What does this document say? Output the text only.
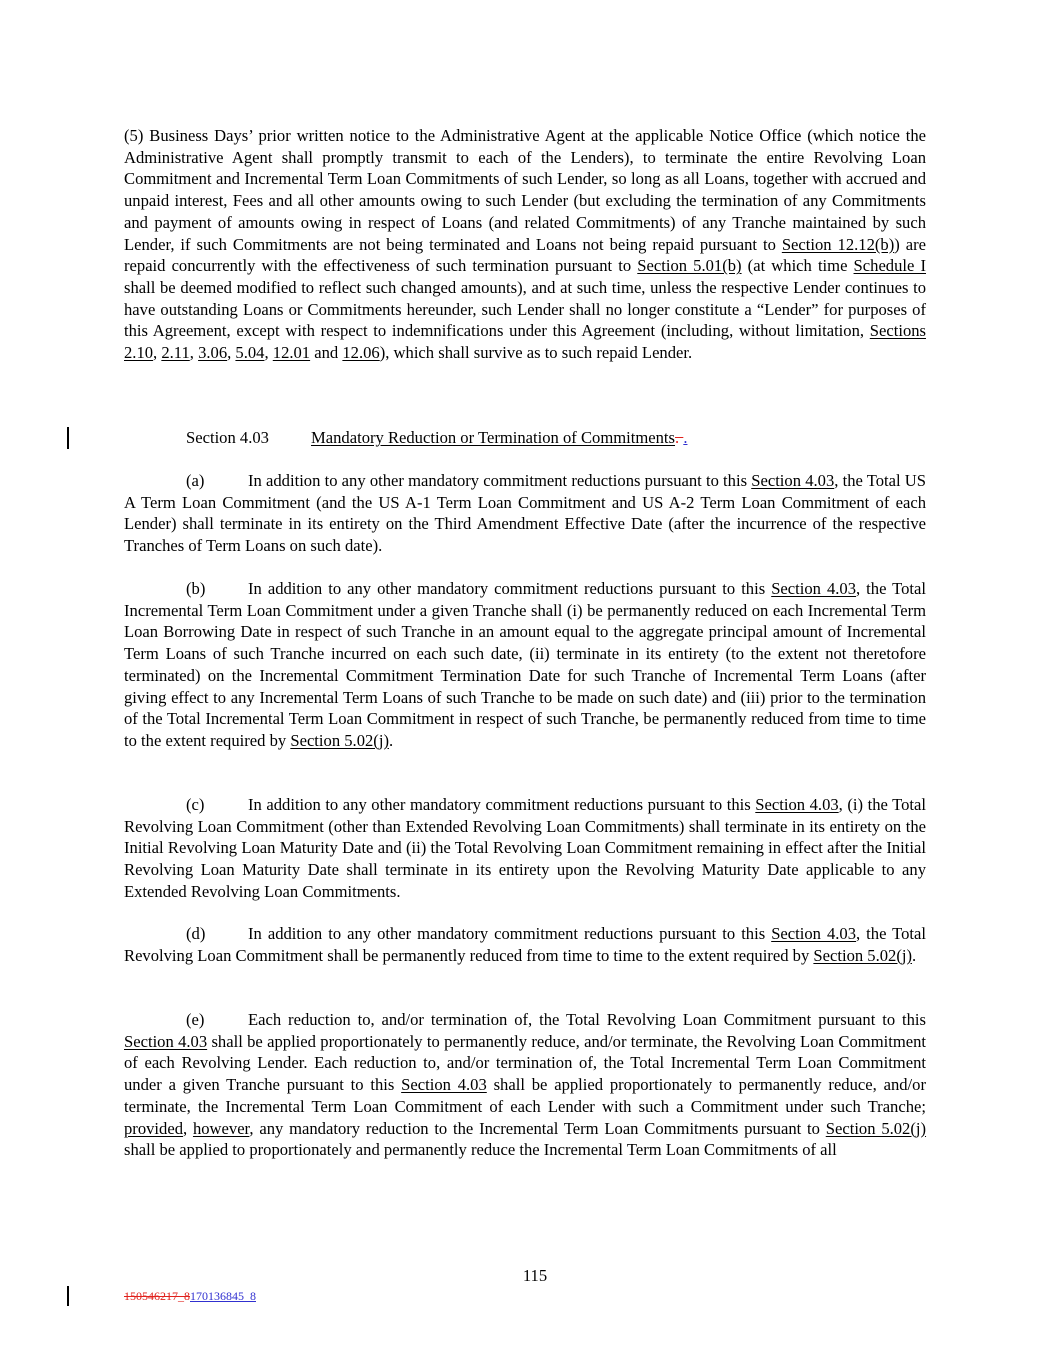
(5) Business Days’ prior written notice to the Administrative Agent at the applicable Notice Office (which notice the Administrative Agent shall promptly transmit to each of the Lenders), to terminate the entire Revolving Loan Commitment and Incremental Term Loan Commitments of such Lender, so long as all Loans, together with accrued and unpaid interest, Fees and all other amounts owing to such Lender (but excluding the termination of any Commitments and payment of amounts owing in respect of Loans (and related Commitments) of any Tranche maintained by such Lender, if such Commitments are not being terminated and Loans not being repaid pursuant to Section 12.12(b)) are repaid concurrently with the effectiveness of such termination pursuant to Section 5.01(b) (at which time Schedule I shall be deemed modified to reflect such changed amounts), and at such time, unless the respective Lender continues to have outstanding Loans or Commitments hereunder, such Lender shall no longer constitute a “Lender” for purposes of this Agreement, except with respect to indemnifications under this Agreement (including, without limitation, Sections 2.10, 2.11, 3.06, 5.04, 12.01 and 12.06), which shall survive as to such repaid Lender.

Section 4.03	Mandatory Reduction or Termination of Commitments. .

(a)	In addition to any other mandatory commitment reductions pursuant to this Section 4.03, the Total US A Term Loan Commitment (and the US A-1 Term Loan Commitment and US A-2 Term Loan Commitment of each Lender) shall terminate in its entirety on the Third Amendment Effective Date (after the incurrence of the respective Tranches of Term Loans on such date).

(b)	In addition to any other mandatory commitment reductions pursuant to this Section 4.03, the Total Incremental Term Loan Commitment under a given Tranche shall (i) be permanently reduced on each Incremental Term Loan Borrowing Date in respect of such Tranche in an amount equal to the aggregate principal amount of Incremental Term Loans of such Tranche incurred on each such date, (ii) terminate in its entirety (to the extent not theretofore terminated) on the Incremental Commitment Termination Date for such Tranche of Incremental Term Loans (after giving effect to any Incremental Term Loans of such Tranche to be made on such date) and (iii) prior to the termination of the Total Incremental Term Loan Commitment in respect of such Tranche, be permanently reduced from time to time to the extent required by Section 5.02(j).

(c)	In addition to any other mandatory commitment reductions pursuant to this Section 4.03, (i) the Total Revolving Loan Commitment (other than Extended Revolving Loan Commitments) shall terminate in its entirety on the Initial Revolving Loan Maturity Date and (ii) the Total Revolving Loan Commitment remaining in effect after the Initial Revolving Loan Maturity Date shall terminate in its entirety upon the Revolving Maturity Date applicable to any Extended Revolving Loan Commitments.

(d)	In addition to any other mandatory commitment reductions pursuant to this Section 4.03, the Total Revolving Loan Commitment shall be permanently reduced from time to time to the extent required by Section 5.02(j).

(e)	Each reduction to, and/or termination of, the Total Revolving Loan Commitment pursuant to this Section 4.03 shall be applied proportionately to permanently reduce, and/or terminate, the Revolving Loan Commitment of each Revolving Lender. Each reduction to, and/or termination of, the Total Incremental Term Loan Commitment under a given Tranche pursuant to this Section 4.03 shall be applied proportionately to permanently reduce, and/or terminate, the Incremental Term Loan Commitment of each Lender with such a Commitment under such Tranche; provided, however, any mandatory reduction to the Incremental Term Loan Commitments pursuant to Section 5.02(j) shall be applied to proportionately and permanently reduce the Incremental Term Loan Commitments of all

115
150546217_8170136845_8
